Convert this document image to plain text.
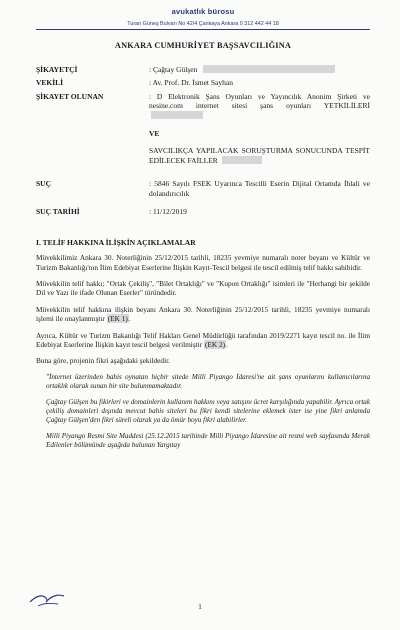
avukatlık bürosu
Turan Güneş Bulvarı No 42/4 Çankaya Ankara 0 312 442 44 18
ANKARA CUMHURİYET BAŞSAVCILIĞINA
ŞİKAYETÇİ	: Çağtay Gülşen
VEKİLİ	: Av. Prof. Dr. İsmet Sayhan
ŞİKAYET OLUNAN	: D Elektronik Şans Oyunları ve Yayıncılık Anonim Şirketi ve nesine.com internet sitesi şans oyunları YETKİLİLERİ
VE
SAVCILIKÇA YAPILACAK SORUŞTURMA SONUCUNDA TESPİT EDİLECEK FAİLLER
SUÇ	: 5846 Sayılı FSEK Uyarınca Tescilli Eserin Dijital Ortamda İhlali ve dolandırıcılık
SUÇ TARİHİ	: 11/12/2019
I. TELİF HAKKINA İLİŞKİN AÇIKLAMALAR

Müvekkilimiz Ankara 30. Noterliğinin 25/12/2015 tarihli, 18235 yevmiye numaralı noter beyanı ve Kültür ve Turizm Bakanlığı'nın İlim Edebiyat Eserlerine İlişkin Kayıt-Tescil belgesi ile tescil edilmiş telif hakkı sahibidir.

Müvekkilin telif hakkı; "Ortak Çekiliş", "Bilet Ortaklığı" ve "Kupon Ortaklığı" isimleri ile "Herhangi bir şekilde Dil ve Yazı ile ifade Olunan Eserler" türündedir.

Müvekkilin telif hakkına ilişkin beyanı Ankara 30. Noterliğinin 25/12/2015 tarihli, 18235 yevmiye numaralı işlemi ile onaylanmıştır (EK 1).

Ayrıca, Kültür ve Turizm Bakanlığı Telif Hakları Genel Müdürlüğü tarafından 2019/2271 kayıt tescil no. ile İlim Edebiyat Eserlerine İlişkin kayıt tescil belgesi verilmiştir (EK 2).

Buna göre, projenin fikri aşağıdaki şekildedir.

"İnternet üzerinden bahis oynatan hiçbir sitede Milli Piyango İdaresi'ne ait şans oyunlarını kullanıcılarına ortaklık olarak sunan bir site bulunmamaktadır.

Çağtay Gülşen bu fikirleri ve domainlerin kullanım hakkını veya satışını ücret karşılığında yapabilir. Ayrıca ortak çekiliş domainleri dışında mevcut bahis siteleri bu fikri kendi sitelerine eklemek ister ise yine fikri anlamda Çağtay Gülşen'den fikri süreli olarak ya da ömür boyu fikri alabilirler.

Milli Piyango Resmi Site Maddesi (25.12.2015 tarihinde Milli Piyango İdaresine ait resmi web sayfasında Merak Edilenler bölümünde aşağıda bulunan Yargıtay

1
